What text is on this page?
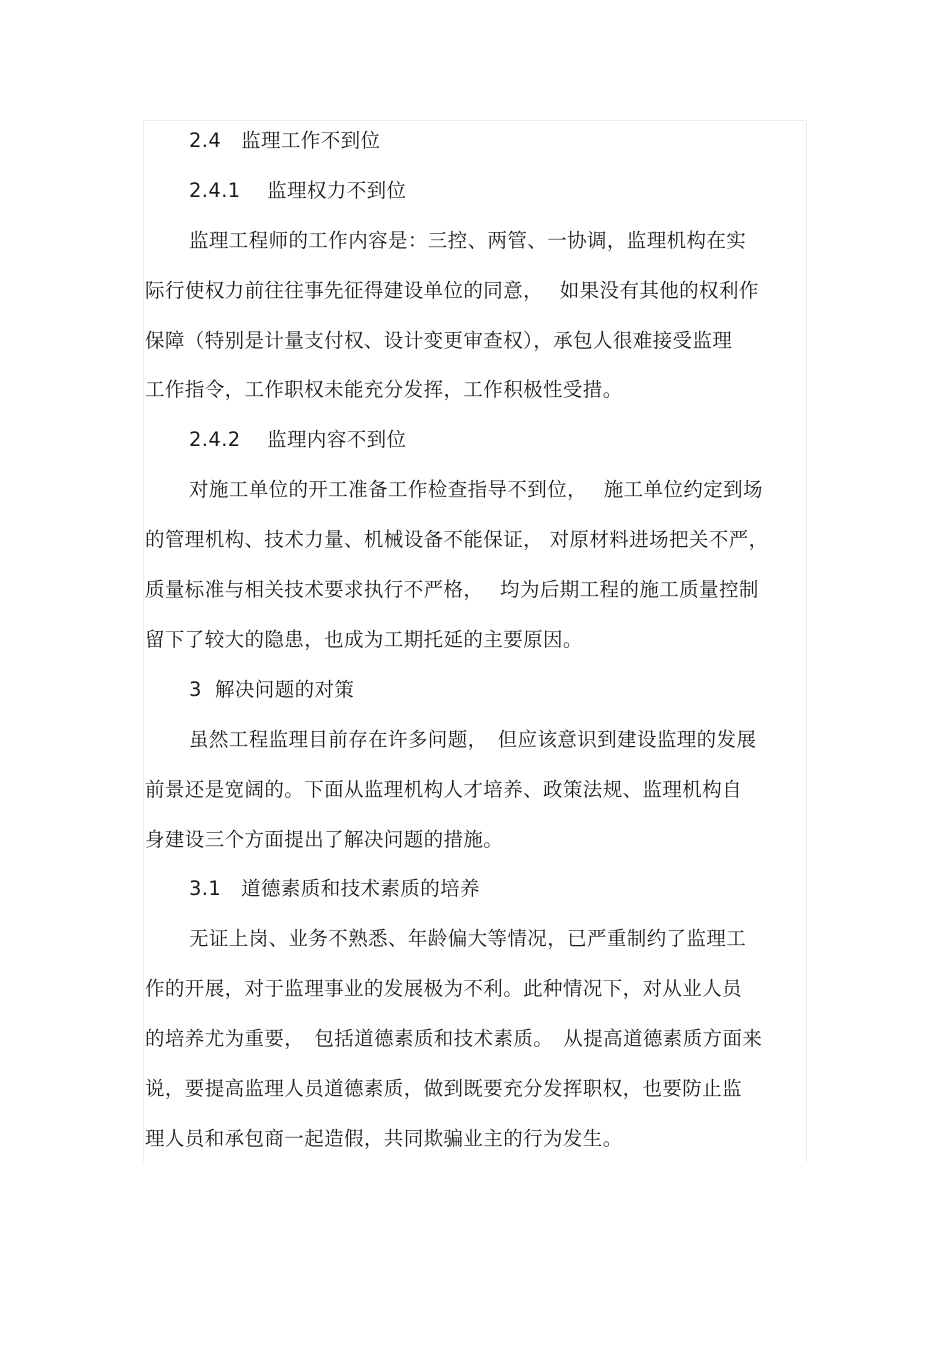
2.4　监理工作不到位
2.4.1　 监理权力不到位
监理工程师的工作内容是：三控、两管、一协调，监理机构在实
际行使权力前往往事先征得建设单位的同意，　 如果没有其他的权利作
保障（特别是计量支付权、设计变更审查权），承包人很难接受监理
工作指令，工作职权未能充分发挥，工作积极性受措。
2.4.2　 监理内容不到位
对施工单位的开工准备工作检查指导不到位，　 施工单位约定到场
的管理机构、技术力量、机械设备不能保证， 对原材料进场把关不严，
质量标准与相关技术要求执行不严格，　 均为后期工程的施工质量控制
留下了较大的隐患，也成为工期托延的主要原因。
3  解决问题的对策
虽然工程监理目前存在许多问题，　但应该意识到建设监理的发展
前景还是宽阔的。下面从监理机构人才培养、政策法规、监理机构自
身建设三个方面提出了解决问题的措施。
3.1　道德素质和技术素质的培养
无证上岗、业务不熟悉、年龄偏大等情况，已严重制约了监理工
作的开展，对于监理事业的发展极为不利。此种情况下，对从业人员
的培养尤为重要，　包括道德素质和技术素质。　从提高道德素质方面来
说，要提高监理人员道德素质，做到既要充分发挥职权，也要防止监
理人员和承包商一起造假，共同欺骗业主的行为发生。
